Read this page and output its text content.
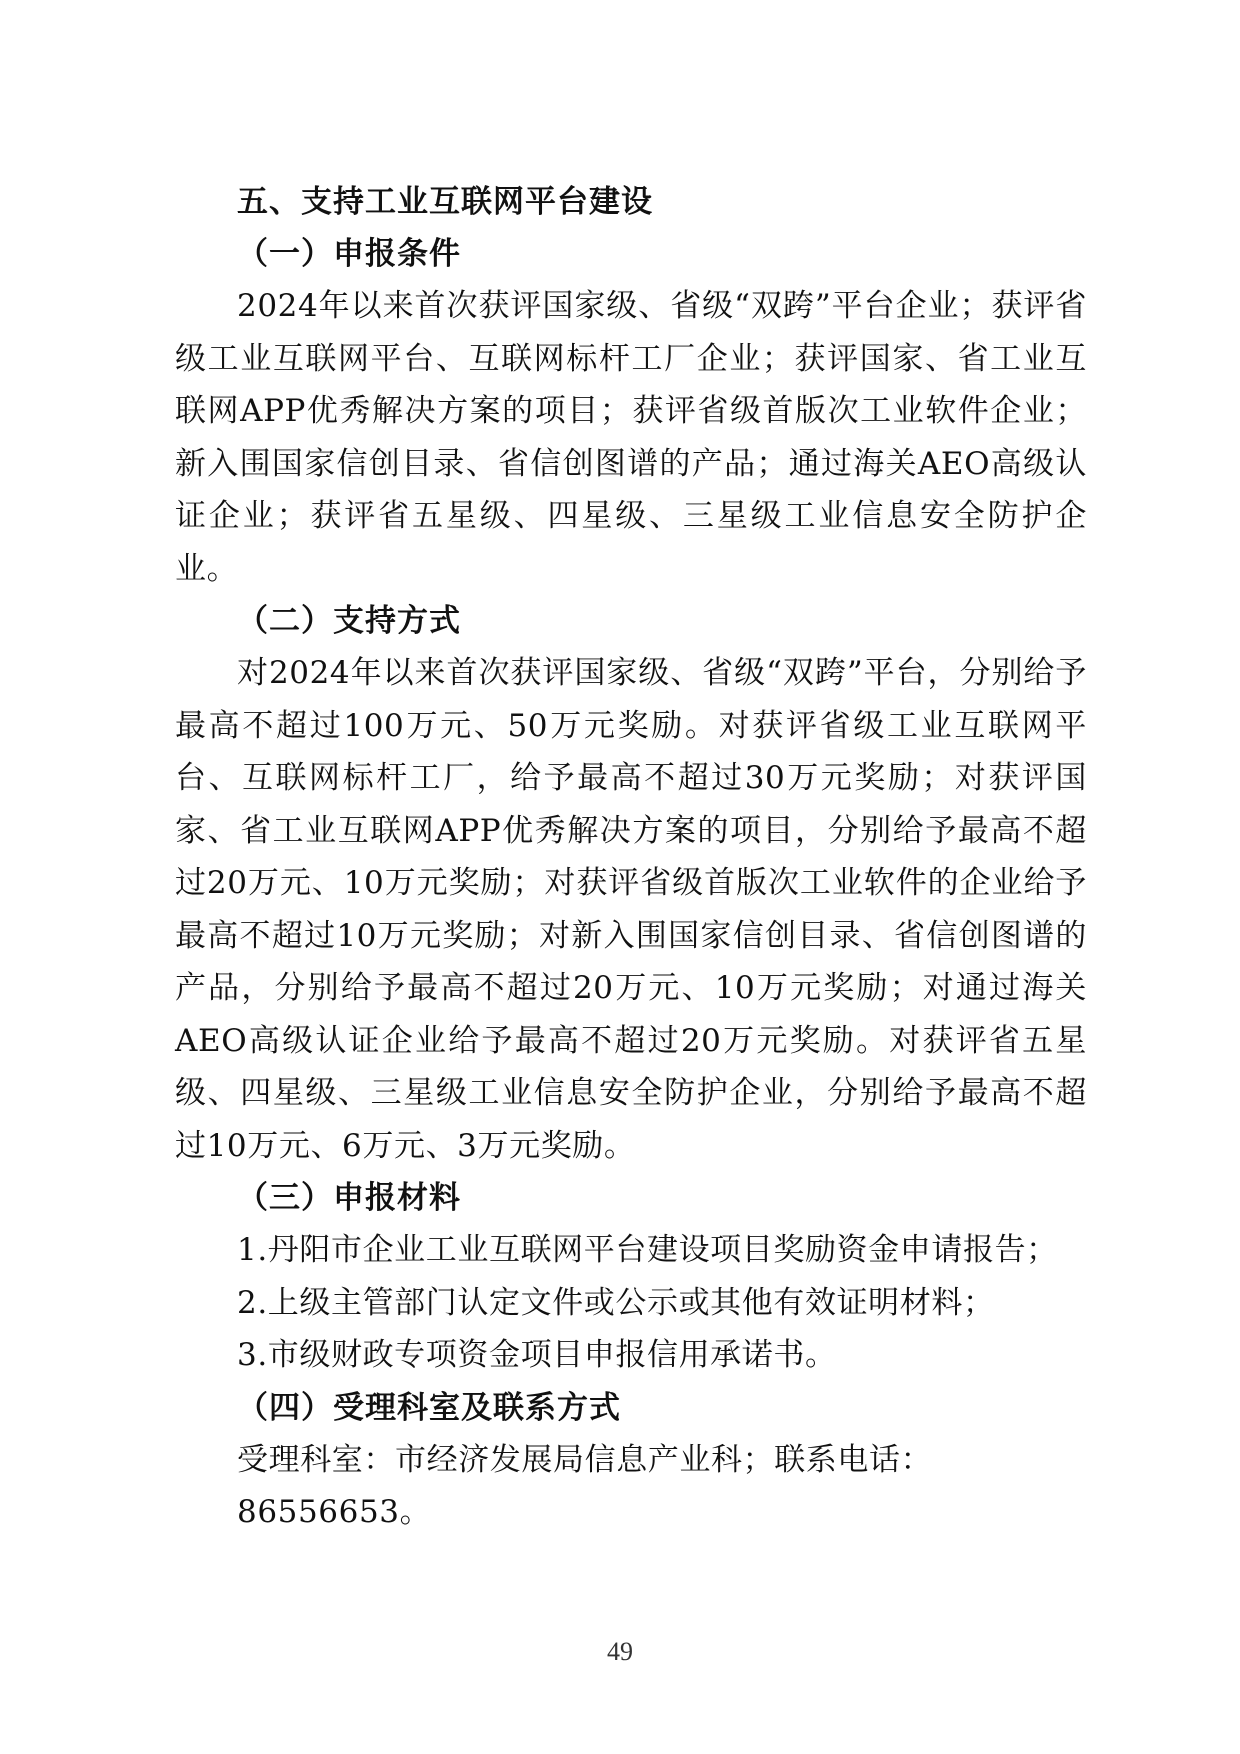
五、支持工业互联网平台建设
（一）申报条件

2024年以来首次获评国家级、省级“双跨”平台企业；获评省级工业互联网平台、互联网标杆工厂企业；获评国家、省工业互联网APP优秀解决方案的项目；获评省级首版次工业软件企业；新入围国家信创目录、省信创图谱的产品；通过海关AEO高级认证企业；获评省五星级、四星级、三星级工业信息安全防护企业。

（二）支持方式

对2024年以来首次获评国家级、省级“双跨”平台，分别给予最高不超过100万元、50万元奖励。对获评省级工业互联网平台、互联网标杆工厂，给予最高不超过30万元奖励；对获评国家、省工业互联网APP优秀解决方案的项目，分别给予最高不超过20万元、10万元奖励；对获评省级首版次工业软件的企业给予最高不超过10万元奖励；对新入围国家信创目录、省信创图谱的产品，分别给予最高不超过20万元、10万元奖励；对通过海关AEO高级认证企业给予最高不超过20万元奖励。对获评省五星级、四星级、三星级工业信息安全防护企业，分别给予最高不超过10万元、6万元、3万元奖励。

（三）申报材料

1.丹阳市企业工业互联网平台建设项目奖励资金申请报告；

2.上级主管部门认定文件或公示或其他有效证明材料；

3.市级财政专项资金项目申报信用承诺书。

（四）受理科室及联系方式

受理科室：市经济发展局信息产业科；联系电话：86556653。

49
